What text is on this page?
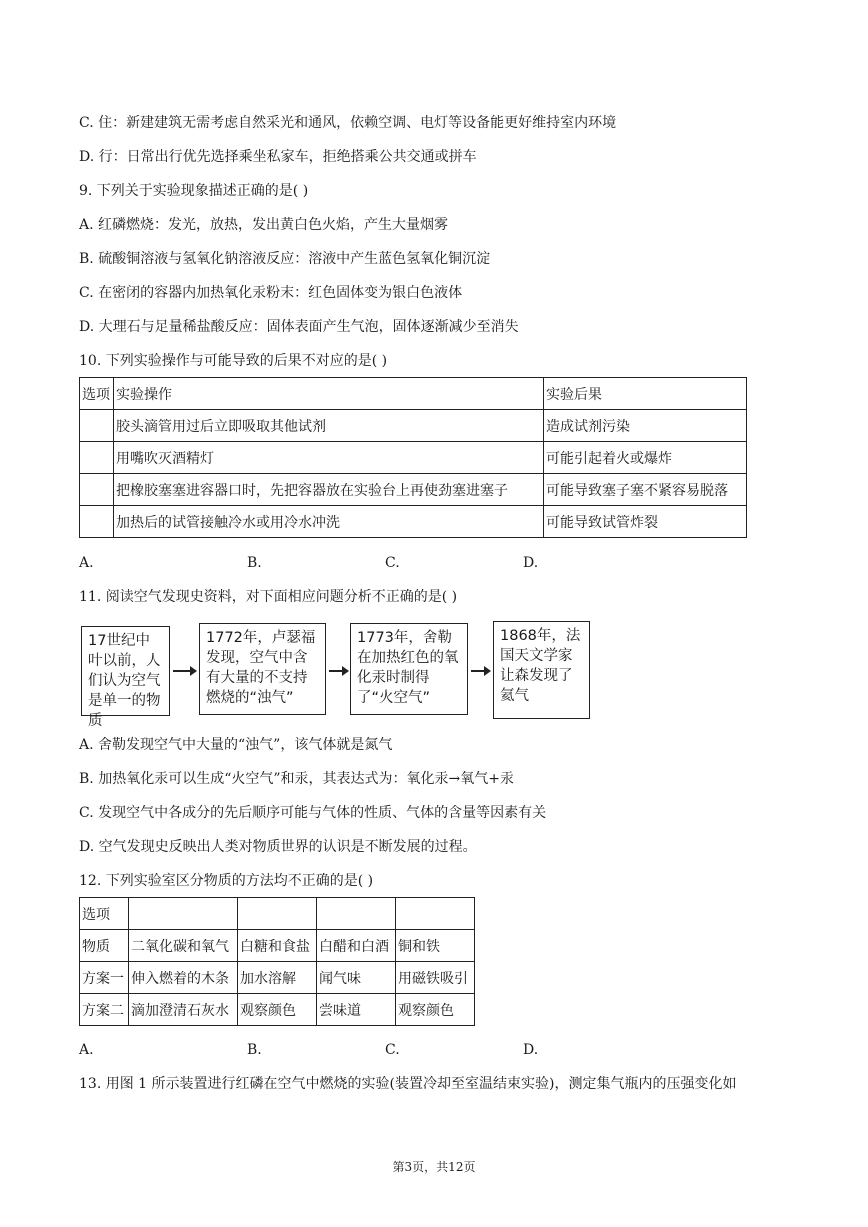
C. 住：新建建筑无需考虑自然采光和通风，依赖空调、电灯等设备能更好维持室内环境
D. 行：日常出行优先选择乘坐私家车，拒绝搭乘公共交通或拼车
9. 下列关于实验现象描述正确的是( )
A. 红磷燃烧：发光，放热，发出黄白色火焰，产生大量烟雾
B. 硫酸铜溶液与氢氧化钠溶液反应：溶液中产生蓝色氢氧化铜沉淀
C. 在密闭的容器内加热氧化汞粉末：红色固体变为银白色液体
D. 大理石与足量稀盐酸反应：固体表面产生气泡，固体逐渐减少至消失
10. 下列实验操作与可能导致的后果不对应的是( )
选项	实验操作	实验后果
	胶头滴管用过后立即吸取其他试剂	造成试剂污染
	用嘴吹灭酒精灯	可能引起着火或爆炸
	把橡胶塞塞进容器口时，先把容器放在实验台上再使劲塞进塞子	可能导致塞子塞不紧容易脱落
	加热后的试管接触冷水或用冷水冲洗	可能导致试管炸裂
A.	B.	C.	D.
11. 阅读空气发现史资料，对下面相应问题分析不正确的是( )
17世纪中叶以前，人们认为空气是单一的物质
1772年，卢瑟福发现，空气中含有大量的不支持燃烧的“浊气”
1773年，舍勒在加热红色的氧化汞时制得了“火空气”
1868年，法国天文学家让森发现了氦气
A. 舍勒发现空气中大量的“浊气”，该气体就是氮气
B. 加热氧化汞可以生成“火空气”和汞，其表达式为：氧化汞→氧气+汞
C. 发现空气中各成分的先后顺序可能与气体的性质、气体的含量等因素有关
D. 空气发现史反映出人类对物质世界的认识是不断发展的过程。
12. 下列实验室区分物质的方法均不正确的是( )
选项				
物质	二氧化碳和氧气	白糖和食盐	白醋和白酒	铜和铁
方案一	伸入燃着的木条	加水溶解	闻气味	用磁铁吸引
方案二	滴加澄清石灰水	观察颜色	尝味道	观察颜色
A.	B.	C.	D.
13. 用图 1 所示装置进行红磷在空气中燃烧的实验(装置冷却至室温结束实验)，测定集气瓶内的压强变化如
第3页，共12页
